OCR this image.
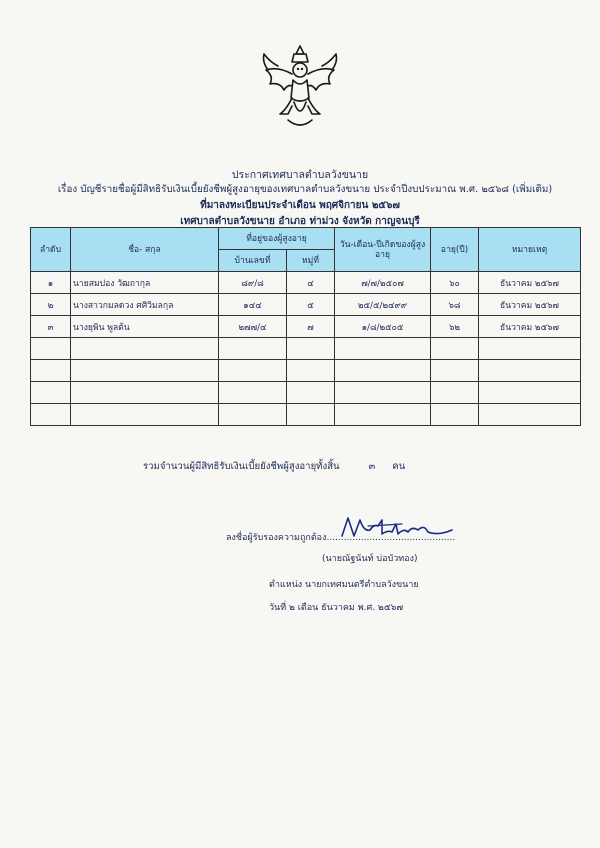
ประกาศเทศบาลตำบลวังขนาย
เรื่อง บัญชีรายชื่อผู้มีสิทธิรับเงินเบี้ยยังชีพผู้สูงอายุของเทศบาลตำบลวังขนาย ประจำปีงบประมาณ พ.ศ. ๒๕๖๘ (เพิ่มเติม)
ที่มาลงทะเบียนประจำเดือน พฤศจิกายน ๒๕๖๗
เทศบาลตำบลวังขนาย อำเภอ ท่าม่วง จังหวัด กาญจนบุรี
ลำดับ	ชื่อ- สกุล	ที่อยู่ของผู้สูงอายุ		วัน-เดือน-ปีเกิดของผู้สูงอายุ	อายุ(ปี)	หมายเหตุ
		บ้านเลขที่	หมู่ที่			
๑	นายสมปอง วัฒถากุล	๘๙/๘	๔	๗/๗/๒๕๐๗	๖๐	ธันวาคม ๒๕๖๗
๒	นางสาวกมลดวง ศศิวิมลกุล	๑๔๔	๕	๒๕/๕/๒๔๙๙	๖๘	ธันวาคม ๒๕๖๗
๓	นางยุพิน พูลต้น	๒๗๗/๔	๗	๑/๘/๒๕๐๕	๖๒	ธันวาคม ๒๕๖๗

รวมจำนวนผู้มีสิทธิรับเงินเบี้ยยังชีพผู้สูงอายุทั้งสิ้น	๓ คน
ลงชื่อผู้รับรองความถูกต้อง.............................................
(นายณัฐนันท์ บ่อบัวทอง)
ตำแหน่ง นายกเทศมนตรีตำบลวังขนาย
วันที่ ๒ เดือน ธันวาคม พ.ศ. ๒๕๖๗
